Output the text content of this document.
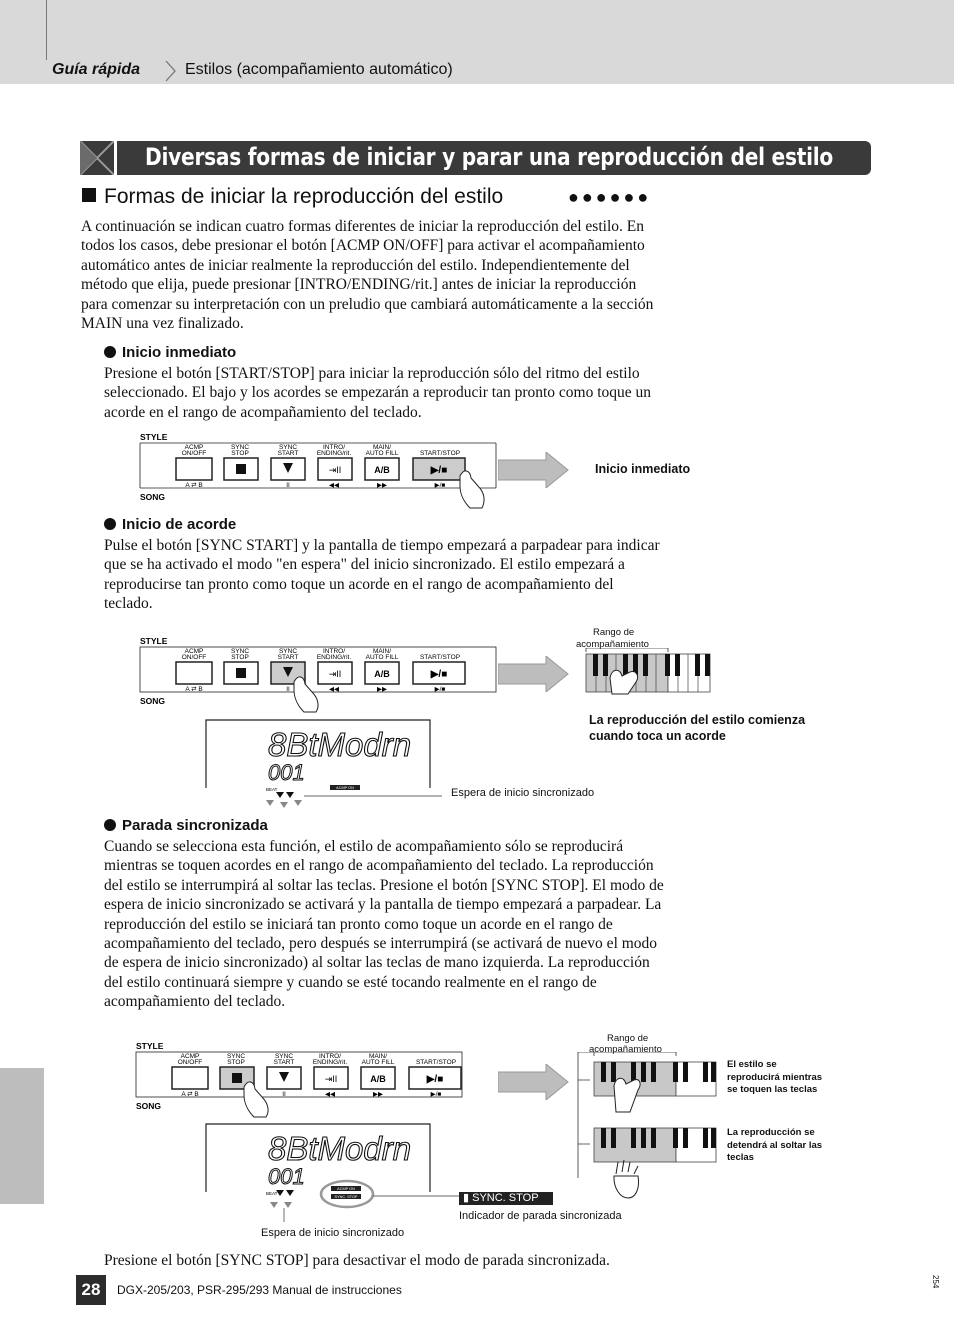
Guía rápida	Estilos (acompañamiento automático)
Diversas formas de iniciar y parar una reproducción del estilo
Formas de iniciar la reproducción del estilo	●●●●●●
A continuación se indican cuatro formas diferentes de iniciar la reproducción del estilo. En todos los casos, debe presionar el botón [ACMP ON/OFF] para activar el acompañamiento automático antes de iniciar realmente la reproducción del estilo. Independientemente del método que elija, puede presionar [INTRO/ENDING/rit.] antes de iniciar la reproducción para comenzar su interpretación con un preludio que cambiará automáticamente a la sección MAIN una vez finalizado.
Inicio inmediato
Presione el botón [START/STOP] para iniciar la reproducción sólo del ritmo del estilo seleccionado. El bajo y los acordes se empezarán a reproducir tan pronto como toque un acorde en el rango de acompañamiento del teclado.
STYLE
SONG
ACMP
ON/OFF
SYNC
STOP
SYNC
START
INTRO/
ENDING/rit.
MAIN/
AUTO FILL	START/STOP
⇥II	A/B	▶/■
A ⇄ B	II	◀◀	▶▶	▶/■
Inicio inmediato
Inicio de acorde
Pulse el botón [SYNC START] y la pantalla de tiempo empezará a parpadear para indicar que se ha activado el modo "en espera" del inicio sincronizado. El estilo empezará a reproducirse tan pronto como toque un acorde en el rango de acompañamiento del teclado.
STYLE
SONG
ACMP
ON/OFF
SYNC
STOP
SYNC
START
INTRO/
ENDING/rit.
MAIN/
AUTO FILL	START/STOP
⇥II	A/B	▶/■
A ⇄ B	II	◀◀	▶▶	▶/■
Rango de
acompañamiento
La reproducción del estilo comienza
cuando toca un acorde
8BtModrn
001
BEAT	ACMP ON	Espera de inicio sincronizado
Parada sincronizada
Cuando se selecciona esta función, el estilo de acompañamiento sólo se reproducirá mientras se toquen acordes en el rango de acompañamiento del teclado. La reproducción del estilo se interrumpirá al soltar las teclas. Presione el botón [SYNC STOP]. El modo de espera de inicio sincronizado se activará y la pantalla de tiempo empezará a parpadear. La reproducción del estilo se iniciará tan pronto como toque un acorde en el rango de acompañamiento del teclado, pero después se interrumpirá (se activará de nuevo el modo de espera de inicio sincronizado) al soltar las teclas de mano izquierda. La reproducción del estilo continuará siempre y cuando se esté tocando realmente en el rango de acompañamiento del teclado.
STYLE
SONG
ACMP
ON/OFF
SYNC
STOP
SYNC
START
INTRO/
ENDING/rit.
MAIN/
AUTO FILL	START/STOP
⇥II	A/B	▶/■
A ⇄ B	II	◀◀	▶▶	▶/■
Rango de
acompañamiento
El estilo se
reproducirá mientras
se toquen las teclas
La reproducción se
detendrá al soltar las
teclas
8BtModrn
001
BEAT
ACMP ON
SYNC. STOP	▮ SYNC. STOP
Indicador de parada sincronizada
Espera de inicio sincronizado
Presione el botón [SYNC STOP] para desactivar el modo de parada sincronizada.
28	DGX-205/203, PSR-295/293 Manual de instrucciones
254
